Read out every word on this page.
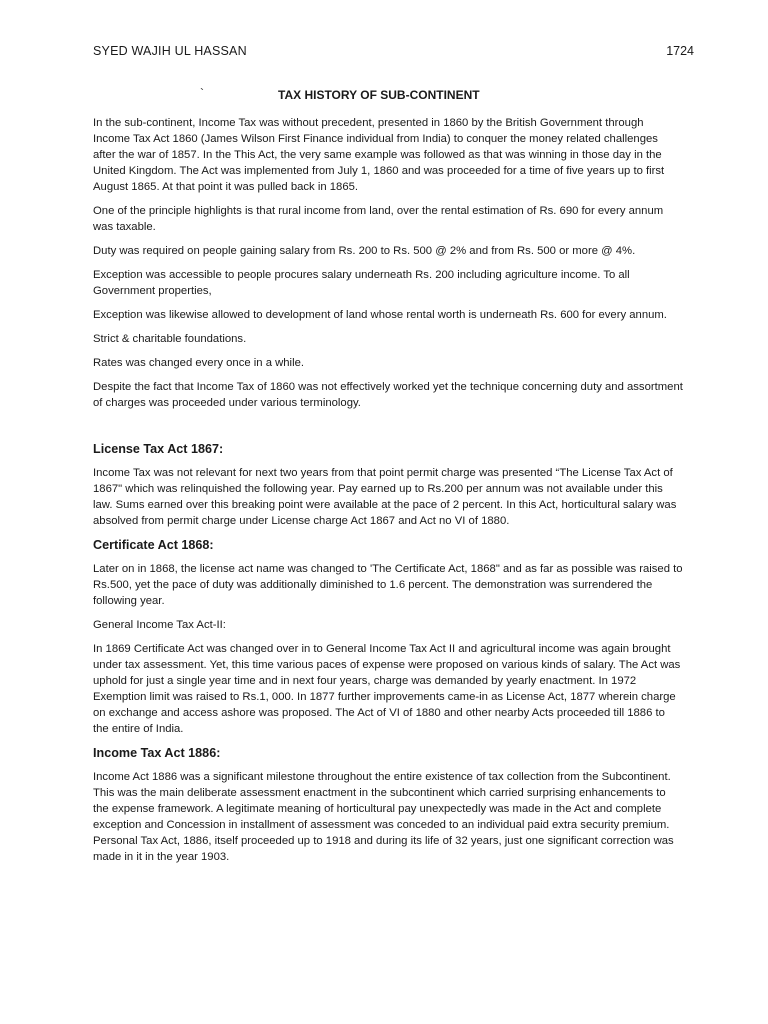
SYED WAJIH UL HASSAN	1724
`	TAX HISTORY OF SUB-CONTINENT

In the sub-continent, Income Tax was without precedent, presented in 1860 by the British Government through Income Tax Act 1860 (James Wilson First Finance individual from India) to conquer the money related challenges after the war of 1857. In the This Act, the very same example was followed as that was winning in those day in the United Kingdom. The Act was implemented from July 1, 1860 and was proceeded for a time of five years up to first August 1865. At that point it was pulled back in 1865.

One of the principle highlights is that rural income from land, over the rental estimation of Rs. 690 for every annum was taxable.

Duty was required on people gaining salary from Rs. 200 to Rs. 500 @ 2% and from Rs. 500 or more @ 4%.

Exception was accessible to people procures salary underneath Rs. 200 including agriculture income. To all Government properties,

Exception was likewise allowed to development of land whose rental worth is underneath Rs. 600 for every annum.

Strict & charitable foundations.

Rates was changed every once in a while.

Despite the fact that Income Tax of 1860 was not effectively worked yet the technique concerning duty and assortment of charges was proceeded under various terminology.

License Tax Act 1867:

Income Tax was not relevant for next two years from that point permit charge was presented “The License Tax Act of 1867" which was relinquished the following year. Pay earned up to Rs.200 per annum was not available under this law. Sums earned over this breaking point were available at the pace of 2 percent. In this Act, horticultural salary was absolved from permit charge under License charge Act 1867 and Act no VI of 1880.

Certificate Act 1868:

Later on in 1868, the license act name was changed to 'The Certificate Act, 1868" and as far as possible was raised to Rs.500, yet the pace of duty was additionally diminished to 1.6 percent. The demonstration was surrendered the following year.

General Income Tax Act-II:

In 1869 Certificate Act was changed over in to General Income Tax Act II and agricultural income was again brought under tax assessment. Yet, this time various paces of expense were proposed on various kinds of salary. The Act was uphold for just a single year time and in next four years, charge was demanded by yearly enactment. In 1972 Exemption limit was raised to Rs.1, 000. In 1877 further improvements came-in as License Act, 1877 wherein charge on exchange and access ashore was proposed. The Act of VI of 1880 and other nearby Acts proceeded till 1886 to the entire of India.

Income Tax Act 1886:

Income Act 1886 was a significant milestone throughout the entire existence of tax collection from the Subcontinent. This was the main deliberate assessment enactment in the subcontinent which carried surprising enhancements to the expense framework. A legitimate meaning of horticultural pay unexpectedly was made in the Act and complete exception and Concession in installment of assessment was conceded to an individual paid extra security premium. Personal Tax Act, 1886, itself proceeded up to 1918 and during its life of 32 years, just one significant correction was made in it in the year 1903.
